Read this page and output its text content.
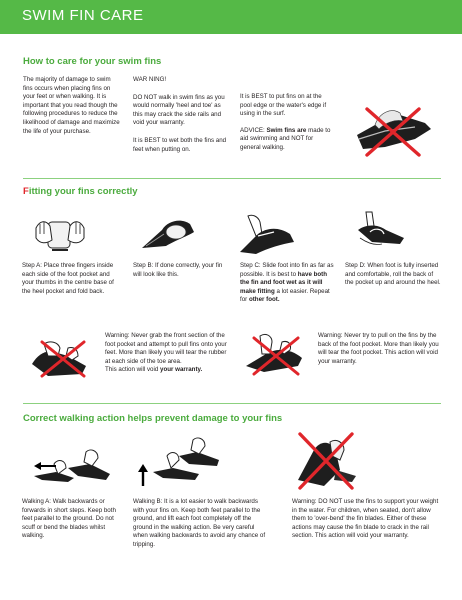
SWIM FIN CARE
How to care for your swim fins
The majority of damage to swim fins occurs when placing fins on your feet or when walking. It is important that you read though the following procedures to reduce the likelihood of damage and maximize the life of your purchase.
WAR NING!
DO NOT walk in swim fins as you would normally 'heel and toe' as this may crack the side rails and void your warranty.
It is BEST to wet both the fins and feet when putting on.
It is BEST to put fins on at the pool edge or the water's edge if using in the surf.
ADVICE: Swim fins are made to aid swimming and NOT for general walking.
Fitting your fins correctly
Step A: Place three fingers inside each side of the foot pocket and your thumbs in the centre base of the heel pocket and fold back.
Step B: If done correctly, your fin will look like this.
Step C: Slide foot into fin as far as possible. It is best to have both the fin and foot wet as it will make fitting a lot easier. Repeat for other foot.
Step D: When foot is fully inserted and comfortable, roll the back of the pocket up and around the heel.
Warning: Never grab the front section of the foot pocket and attempt to pull fins onto your feet. More than likely you will tear the rubber at each side of the toe area.
This action will void your warranty.
Warning: Never try to pull on the fins by the back of the foot pocket. More than likely you will tear the foot pocket. This action will void your warranty.
Correct walking action helps prevent damage to your fins
Walking A: Walk backwards or forwards in short steps. Keep both feet parallel to the ground. Do not scuff or bend the blades whilst walking.
Walking B: It is a lot easier to walk backwards with your fins on. Keep both feet parallel to the ground, and lift each foot completely off the ground in the walking action. Be very careful when walking backwards to avoid any chance of tripping.
Warning: DO NOT use the fins to support your weight in the water. For children, when seated, don't allow them to 'over-bend' the fin blades. Either of these actions may cause the fin blade to crack in the rail section. This action will void your warranty.
